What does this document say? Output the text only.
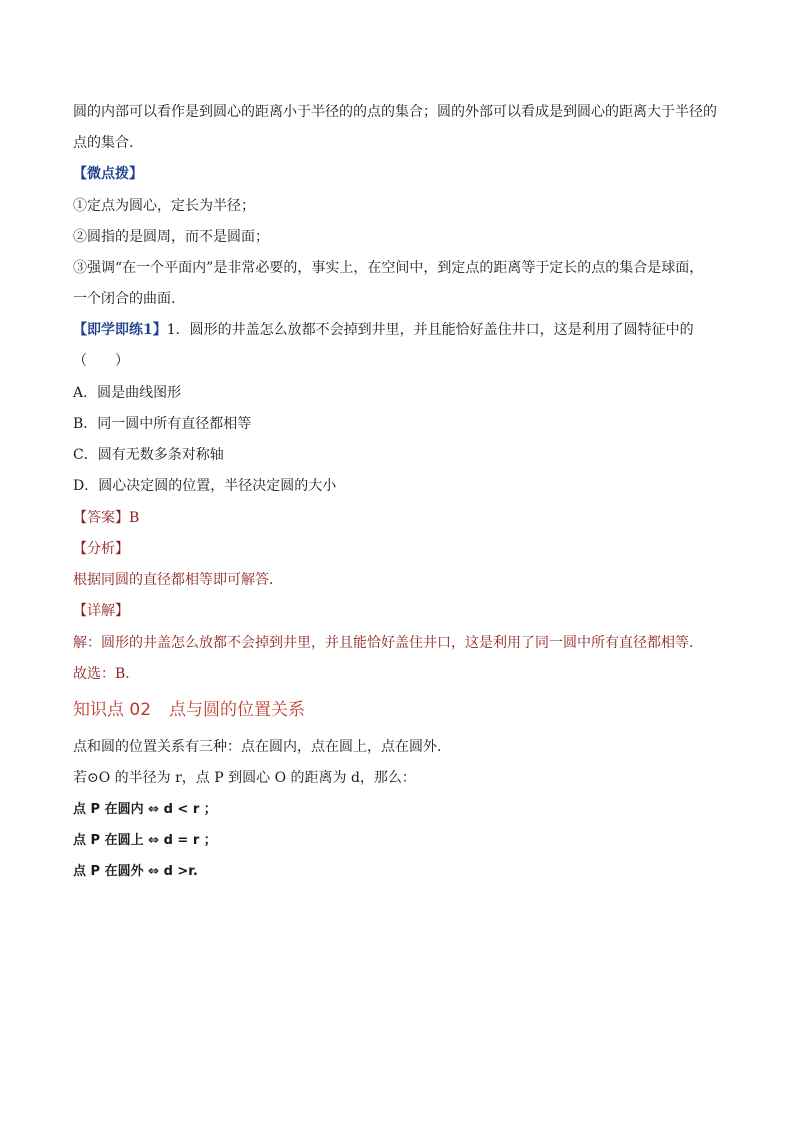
圆的内部可以看作是到圆心的距离小于半径的的点的集合；圆的外部可以看成是到圆心的距离大于半径的
点的集合.
【微点拨】
①定点为圆心，定长为半径；
②圆指的是圆周，而不是圆面；
③强调“在一个平面内”是非常必要的，事实上，在空间中，到定点的距离等于定长的点的集合是球面，
一个闭合的曲面.
【即学即练1】1．圆形的井盖怎么放都不会掉到井里，并且能恰好盖住井口，这是利用了圆特征中的
（　　）
A．圆是曲线图形
B．同一圆中所有直径都相等
C．圆有无数多条对称轴
D．圆心决定圆的位置，半径决定圆的大小
【答案】B
【分析】
根据同圆的直径都相等即可解答．
【详解】
解：圆形的井盖怎么放都不会掉到井里，并且能恰好盖住井口，这是利用了同一圆中所有直径都相等．
故选：B．
知识点 02 点与圆的位置关系
点和圆的位置关系有三种：点在圆内，点在圆上，点在圆外.
若⊙O 的半径为 r，点 P 到圆心 O 的距离为 d，那么：
点 P 在圆内 ⇔ d < r ；
点 P 在圆上 ⇔ d = r ；
点 P 在圆外 ⇔ d >r.
